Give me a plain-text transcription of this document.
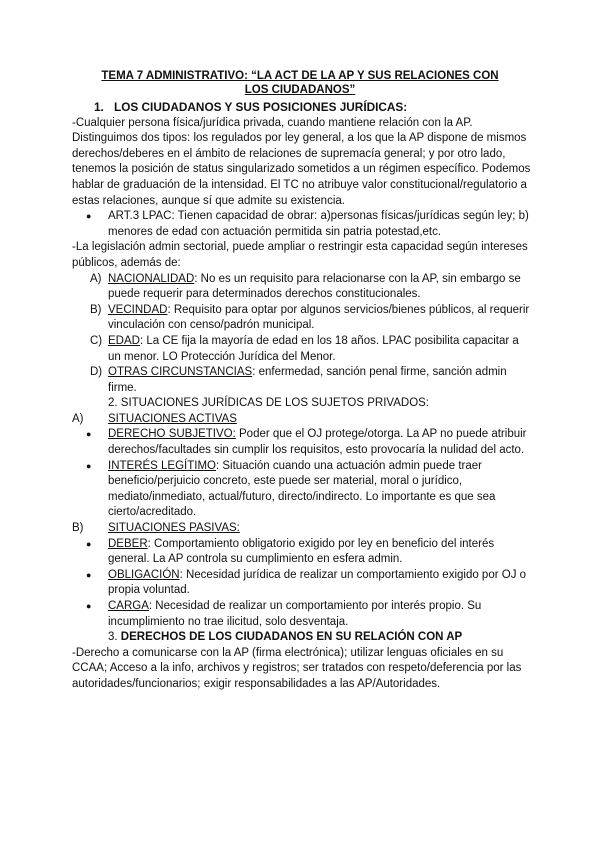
TEMA 7 ADMINISTRATIVO: “LA ACT DE LA AP Y SUS RELACIONES CON LOS CIUDADANOS”
1. LOS CIUDADANOS Y SUS POSICIONES JURÍDICAS:
-Cualquier persona física/jurídica privada, cuando mantiene relación con la AP. Distinguimos dos tipos: los regulados por ley general, a los que la AP dispone de mismos derechos/deberes en el ámbito de relaciones de supremacía general; y por otro lado, tenemos la posición de status singularizado sometidos a un régimen específico. Podemos hablar de graduación de la intensidad. El TC no atribuye valor constitucional/regulatorio a estas relaciones, aunque sí que admite su existencia.
● ART.3 LPAC: Tienen capacidad de obrar: a)personas físicas/jurídicas según ley; b) menores de edad con actuación permitida sin patria potestad,etc.
-La legislación admin sectorial, puede ampliar o restringir esta capacidad según intereses públicos, además de:
A) NACIONALIDAD: No es un requisito para relacionarse con la AP, sin embargo se puede requerir para determinados derechos constitucionales.
B) VECINDAD: Requisito para optar por algunos servicios/bienes públicos, al requerir vinculación con censo/padrón municipal.
C) EDAD: La CE fija la mayoría de edad en los 18 años. LPAC posibilita capacitar a un menor. LO Protección Jurídica del Menor.
D) OTRAS CIRCUNSTANCIAS: enfermedad, sanción penal firme, sanción admin firme.
2. SITUACIONES JURÍDICAS DE LOS SUJETOS PRIVADOS:
A) SITUACIONES ACTIVAS
● DERECHO SUBJETIVO: Poder que el OJ protege/otorga. La AP no puede atribuir derechos/facultades sin cumplir los requisitos, esto provocaría la nulidad del acto.
● INTERÉS LEGÍTIMO: Situación cuando una actuación admin puede traer beneficio/perjuicio concreto, este puede ser material, moral o jurídico, mediato/inmediato, actual/futuro, directo/indirecto. Lo importante es que sea cierto/acreditado.
B) SITUACIONES PASIVAS:
● DEBER: Comportamiento obligatorio exigido por ley en beneficio del interés general. La AP controla su cumplimiento en esfera admin.
● OBLIGACIÓN: Necesidad jurídica de realizar un comportamiento exigido por OJ o propia voluntad.
● CARGA: Necesidad de realizar un comportamiento por interés propio. Su incumplimiento no trae ilicitud, solo desventaja.
3. DERECHOS DE LOS CIUDADANOS EN SU RELACIÓN CON AP
-Derecho a comunicarse con la AP (firma electrónica); utilizar lenguas oficiales en su CCAA; Acceso a la info, archivos y registros; ser tratados con respeto/deferencia por las autoridades/funcionarios; exigir responsabilidades a las AP/Autoridades.
